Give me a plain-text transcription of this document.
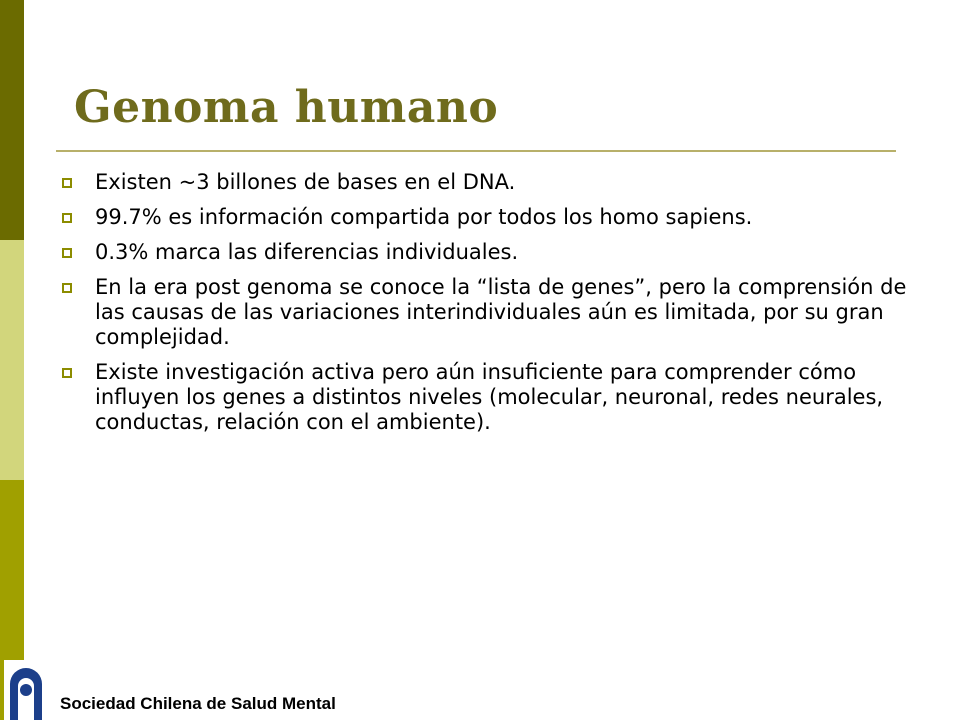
Genoma humano
Existen ~3 billones de bases en el DNA.
99.7% es información compartida por todos los homo sapiens.
0.3% marca las diferencias individuales.
En la era post genoma se conoce la “lista de genes”, pero la comprensión de las causas de las variaciones interindividuales aún es limitada, por su gran complejidad.
Existe investigación activa pero aún insuficiente para comprender cómo influyen los genes a distintos niveles (molecular, neuronal, redes neurales, conductas, relación con el ambiente).
Sociedad Chilena de Salud Mental
